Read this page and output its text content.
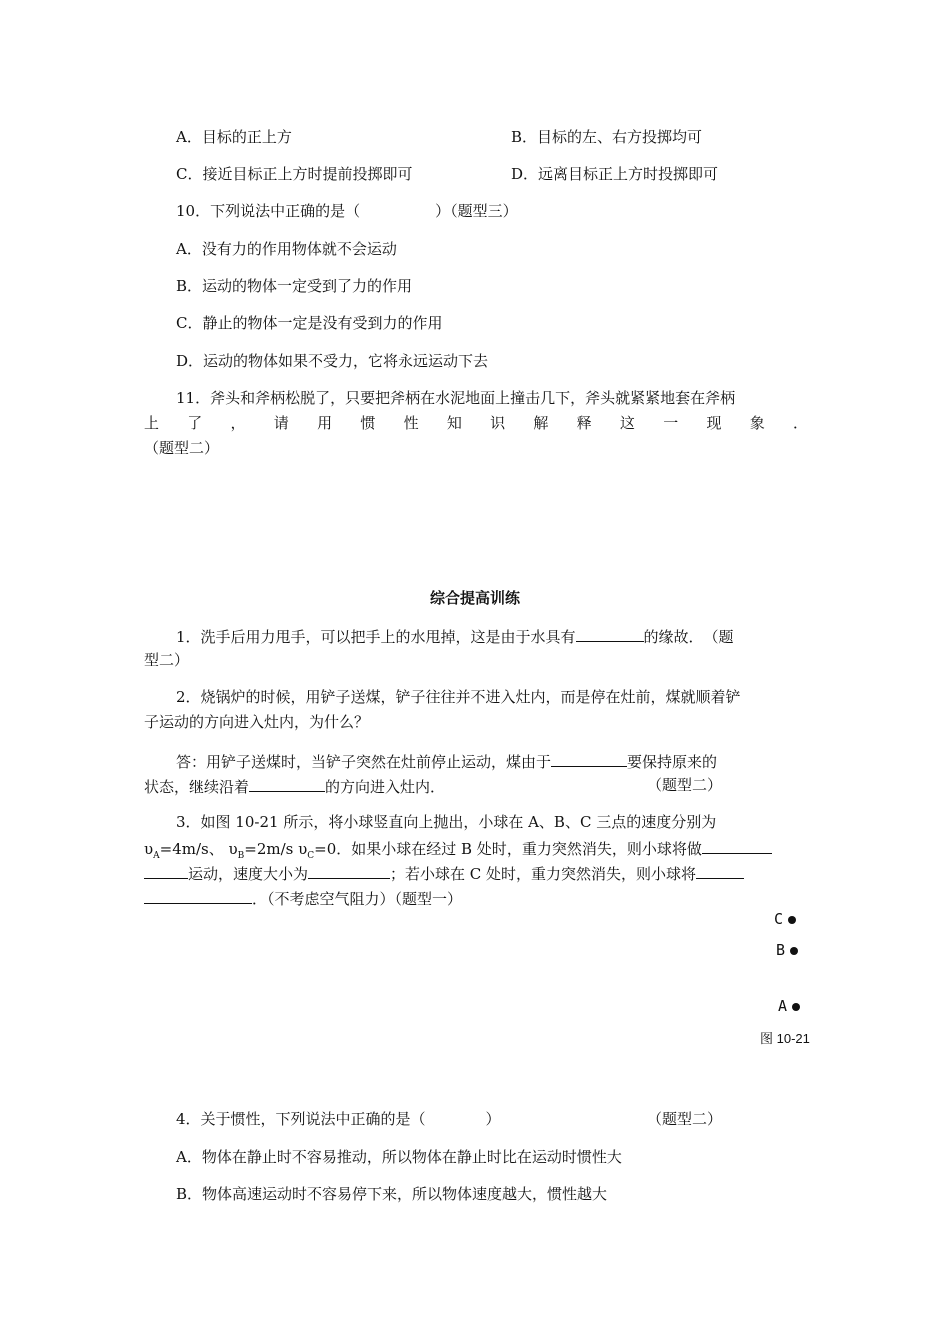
A．目标的正上方	B．目标的左、右方投掷均可
C．接近目标正上方时提前投掷即可	D．远离目标正上方时投掷即可
10．下列说法中正确的是（　　　　　）（题型三）
A．没有力的作用物体就不会运动
B．运动的物体一定受到了力的作用
C．静止的物体一定是没有受到力的作用
D．运动的物体如果不受力，它将永远运动下去
11．斧头和斧柄松脱了，只要把斧柄在水泥地面上撞击几下，斧头就紧紧地套在斧柄
上 了 ， 请 用 惯 性 知 识 解 释 这 一 现 象 ．
（题型二）
综合提高训练
1．洗手后用力甩手，可以把手上的水甩掉，这是由于水具有	的缘故．　（题
型二）
2．烧锅炉的时候，用铲子送煤，铲子往往并不进入灶内，而是停在灶前，煤就顺着铲
子运动的方向进入灶内，为什么？
答：用铲子送煤时，当铲子突然在灶前停止运动，煤由于	要保持原来的
状态，继续沿着	的方向进入灶内．	（题型二）
3．如图 10-21 所示，将小球竖直向上抛出，小球在 A、B、C 三点的速度分别为
$\upsilon_A=4m/s$、 $\upsilon_B=2m/s$ $\upsilon_C=0$．如果小球在经过 B 处时，重力突然消失，则小球将做
运动，速度大小为	；若小球在 C 处时，重力突然消失，则小球将
．（不考虑空气阻力）（题型一）
C
B
A
图 10-21
4．关于惯性，下列说法中正确的是（　　　　）	（题型二）
A．物体在静止时不容易推动，所以物体在静止时比在运动时惯性大
B．物体高速运动时不容易停下来，所以物体速度越大，惯性越大
